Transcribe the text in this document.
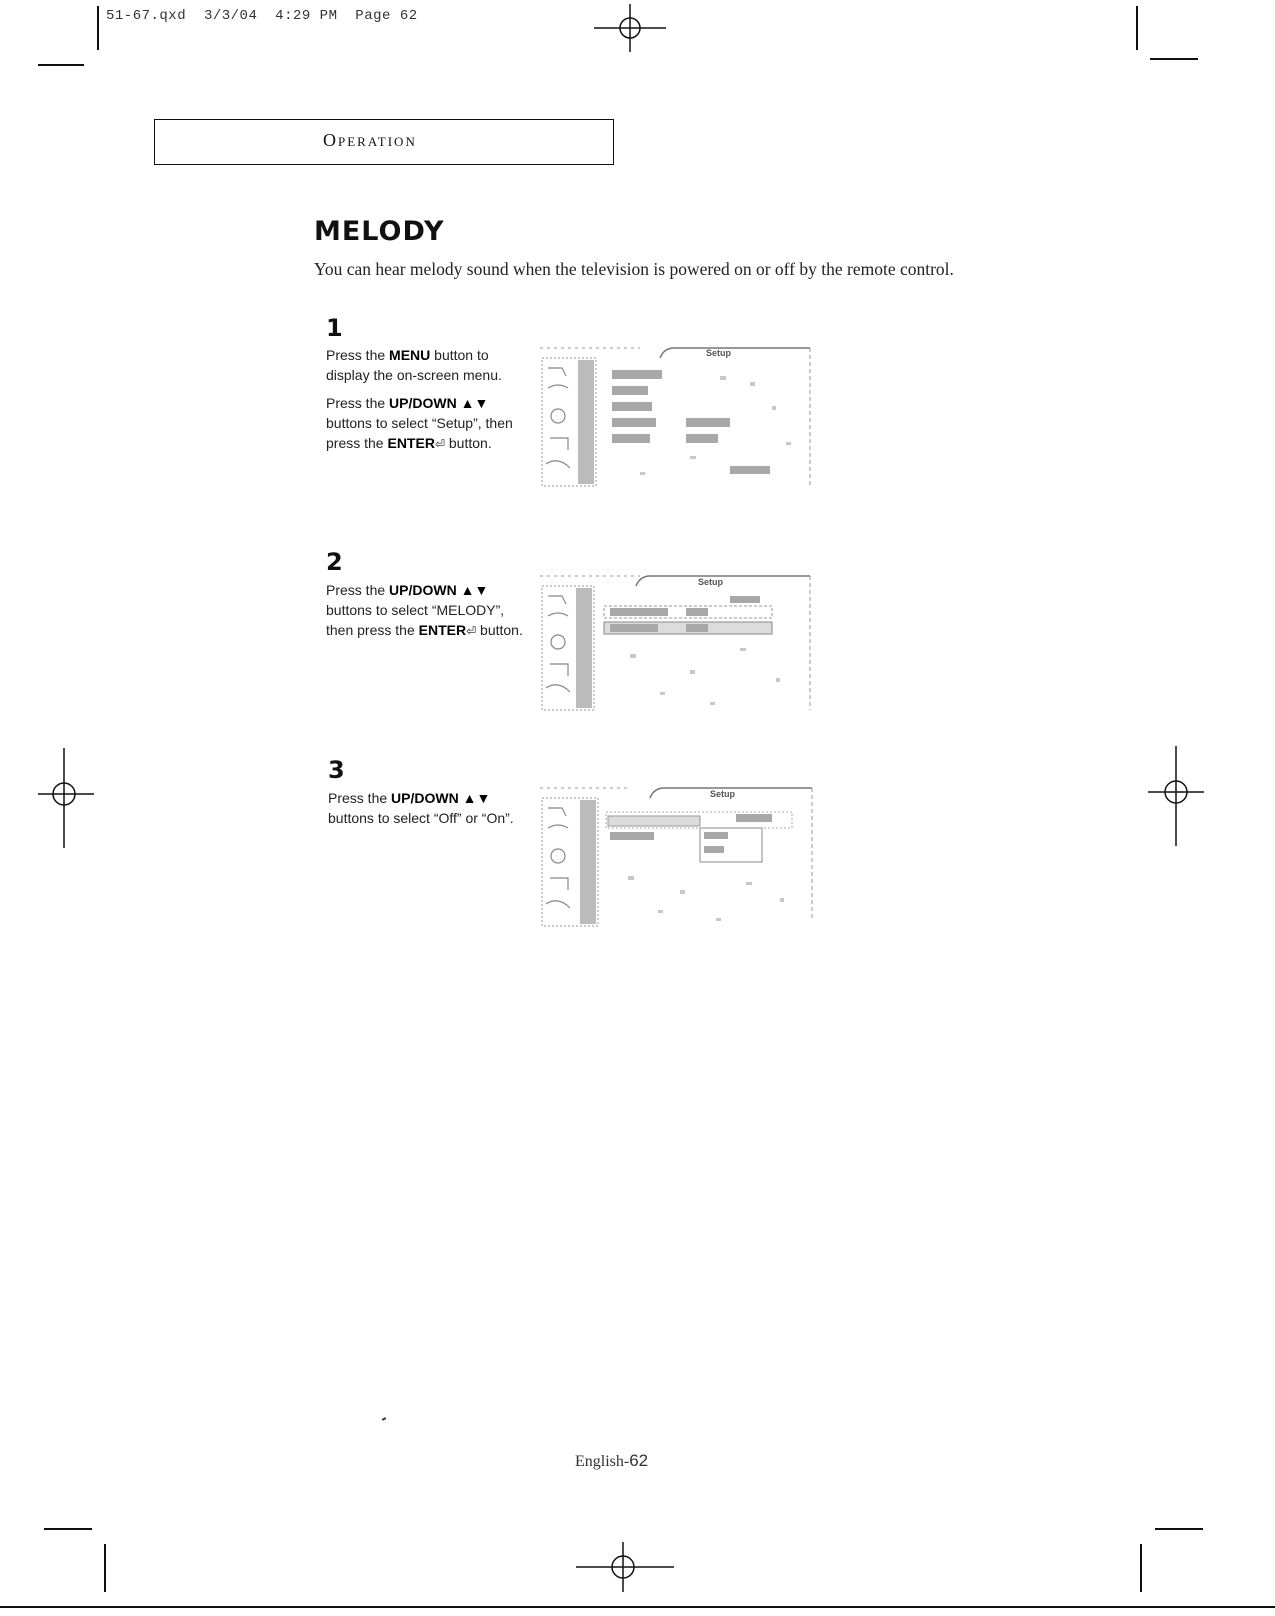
51-67.qxd 3/3/04 4:29 PM Page 62
Operation
MELODY
You can hear melody sound when the television is powered on or off by the remote control.
1

Press the MENU button to display the on-screen menu.

Press the UP/DOWN ▲▼ buttons to select “Setup”, then press the ENTER⏎ button.

Setup
2

Press the UP/DOWN ▲▼ buttons to select “MELODY”, then press the ENTER⏎ button.

Setup
3

Press the UP/DOWN ▲▼ buttons to select “Off” or “On”.

Setup
English-62
